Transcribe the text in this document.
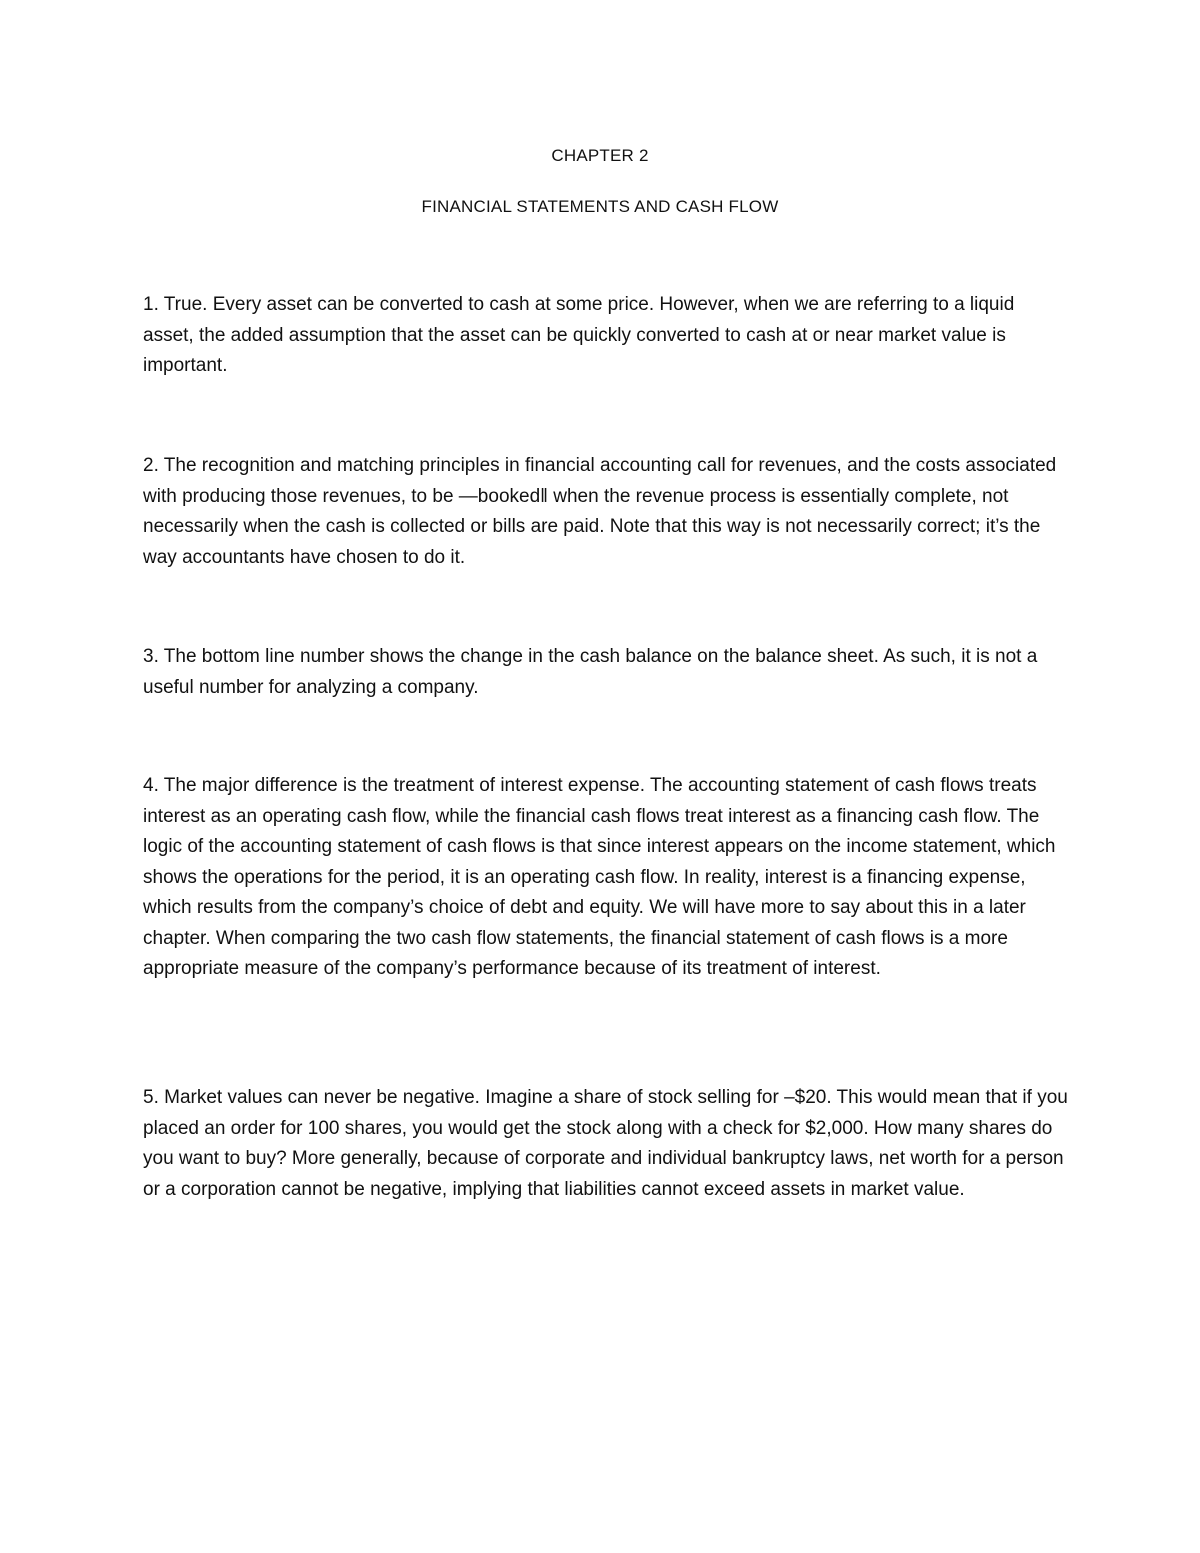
CHAPTER 2
FINANCIAL STATEMENTS AND CASH FLOW

1. True. Every asset can be converted to cash at some price. However, when we are referring to a liquid asset, the added assumption that the asset can be quickly converted to cash at or near market value is important.

2. The recognition and matching principles in financial accounting call for revenues, and the costs associated with producing those revenues, to be ―booked‖ when the revenue process is essentially complete, not necessarily when the cash is collected or bills are paid. Note that this way is not necessarily correct; it’s the way accountants have chosen to do it.

3. The bottom line number shows the change in the cash balance on the balance sheet. As such, it is not a useful number for analyzing a company.

4. The major difference is the treatment of interest expense. The accounting statement of cash flows treats interest as an operating cash flow, while the financial cash flows treat interest as a financing cash flow. The logic of the accounting statement of cash flows is that since interest appears on the income statement, which shows the operations for the period, it is an operating cash flow. In reality, interest is a financing expense, which results from the company’s choice of debt and equity. We will have more to say about this in a later chapter. When comparing the two cash flow statements, the financial statement of cash flows is a more appropriate measure of the company’s performance because of its treatment of interest.

5. Market values can never be negative. Imagine a share of stock selling for –$20. This would mean that if you placed an order for 100 shares, you would get the stock along with a check for $2,000. How many shares do you want to buy? More generally, because of corporate and individual bankruptcy laws, net worth for a person or a corporation cannot be negative, implying that liabilities cannot exceed assets in market value.
